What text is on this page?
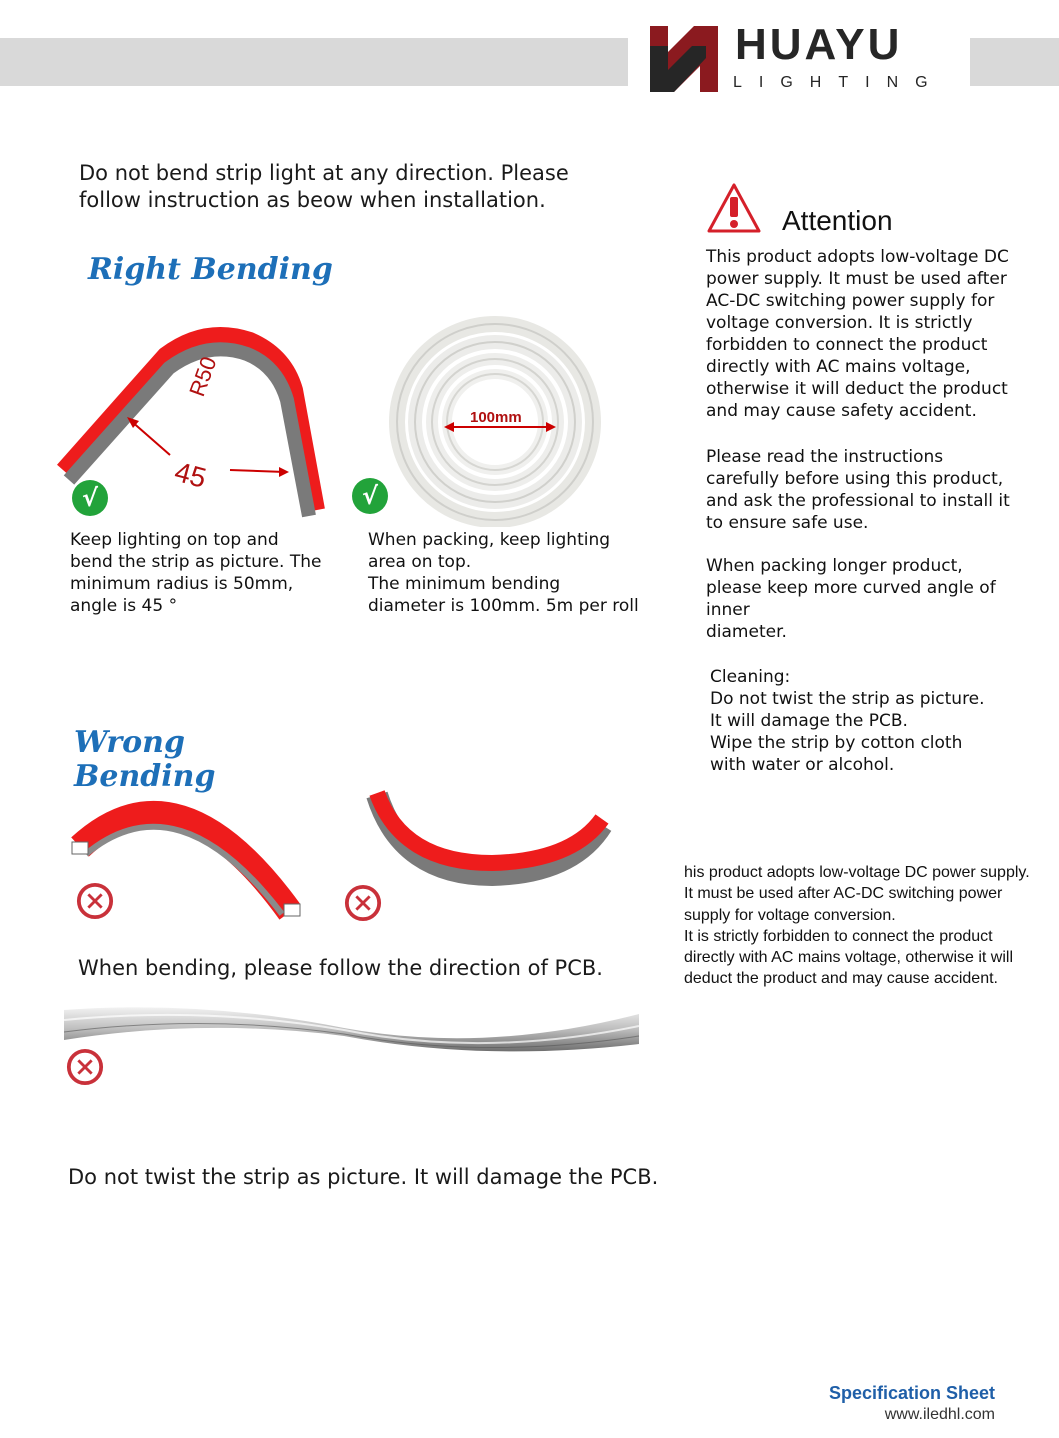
HUAYU
LIGHTING
Do not bend strip light at any direction. Please
follow instruction as beow when installation.
Right Bending
R50
45
√
100mm
√
Keep lighting on top and
bend the strip as picture. The
minimum radius is 50mm,
angle is 45 °
When packing, keep lighting
area on top.
The minimum bending
diameter is 100mm. 5m per roll
Wrong
Bending
When bending, please follow the direction of PCB.
Do not twist the strip as picture. It will damage the PCB.
Attention
This product adopts low-voltage DC
power supply. It must be used after
AC-DC switching power supply for
voltage conversion. It is strictly
forbidden to connect the product
directly with AC mains voltage,
otherwise it will deduct the product
and may cause safety accident.
Please read the instructions
carefully before using this product,
and ask the professional to install it
to ensure safe use.
When packing longer product,
please keep more curved angle of
inner
diameter.
Cleaning:
Do not twist the strip as picture.
It will damage the PCB.
Wipe the strip by cotton cloth
with water or alcohol.
his product adopts low-voltage DC power supply.
It must be used after AC-DC switching power
supply for voltage conversion.
It is strictly forbidden to connect the product
directly with AC mains voltage, otherwise it will
deduct the product and may cause accident.
Specification Sheet
www.iledhl.com
